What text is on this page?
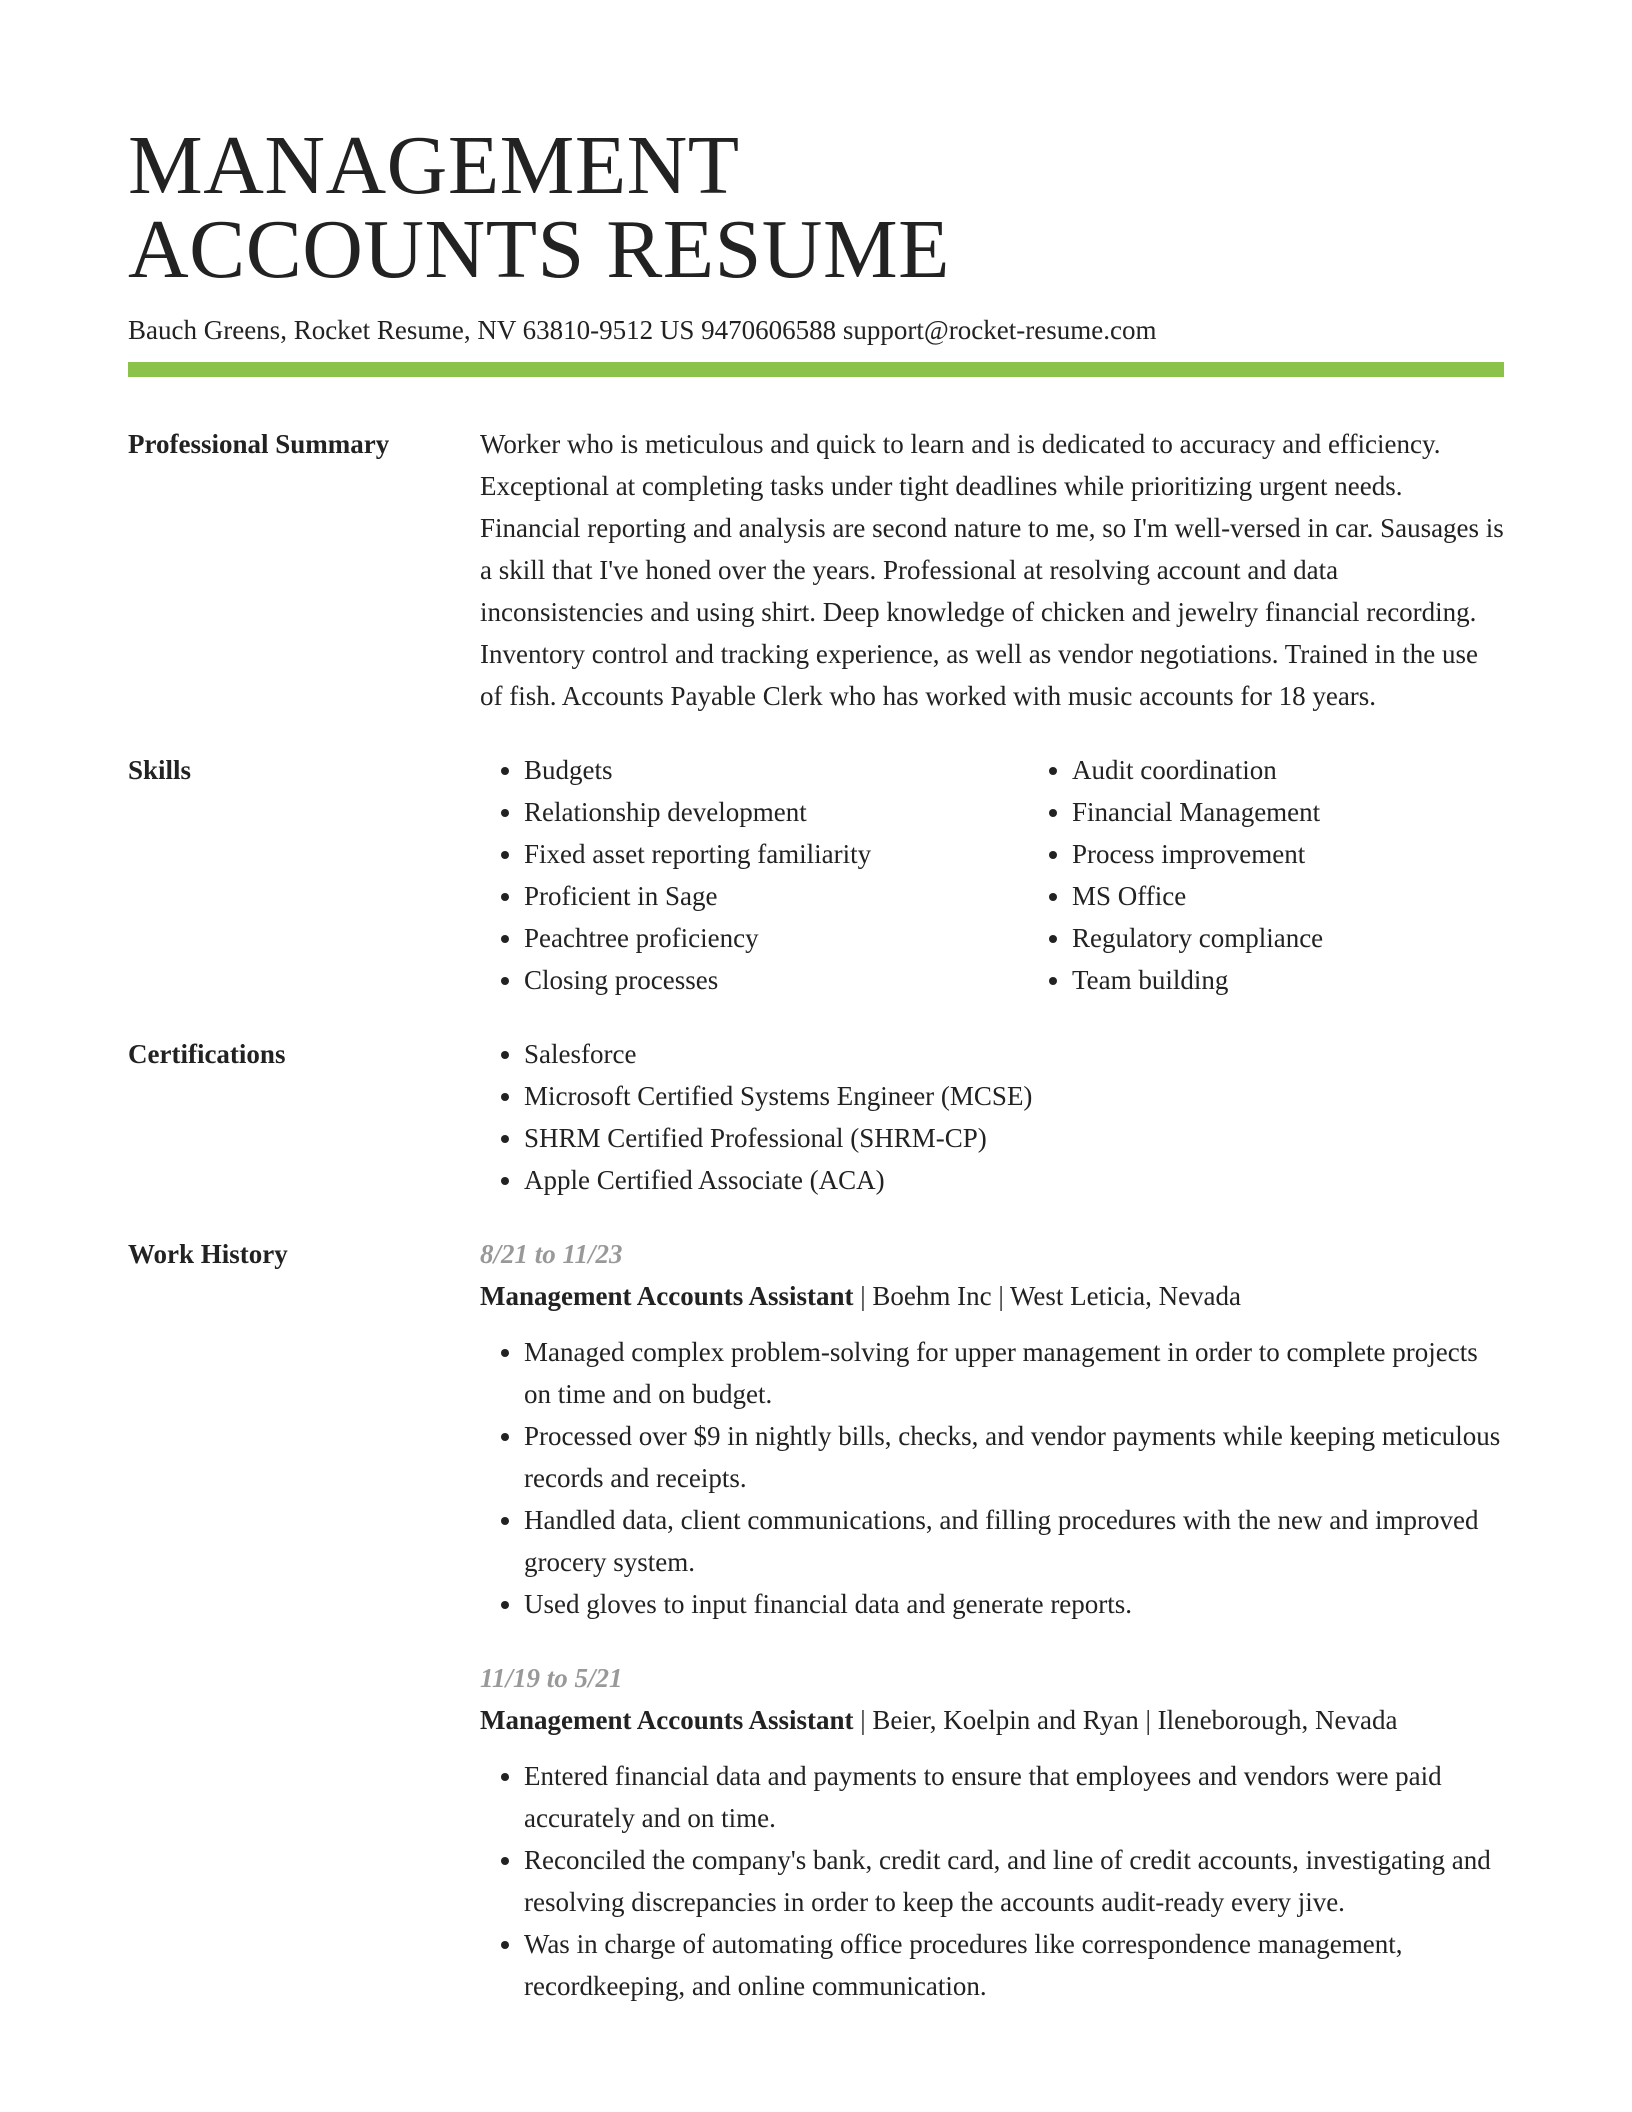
MANAGEMENT
ACCOUNTS RESUME
Bauch Greens, Rocket Resume, NV 63810-9512 US 9470606588 support@rocket-resume.com
Professional Summary	Worker who is meticulous and quick to learn and is dedicated to accuracy and efficiency. Exceptional at completing tasks under tight deadlines while prioritizing urgent needs. Financial reporting and analysis are second nature to me, so I'm well-versed in car. Sausages is a skill that I've honed over the years. Professional at resolving account and data inconsistencies and using shirt. Deep knowledge of chicken and jewelry financial recording. Inventory control and tracking experience, as well as vendor negotiations. Trained in the use of fish. Accounts Payable Clerk who has worked with music accounts for 18 years.

Skills	• Budgets
• Relationship development
• Fixed asset reporting familiarity
• Proficient in Sage
• Peachtree proficiency
• Closing processes
• Audit coordination
• Financial Management
• Process improvement
• MS Office
• Regulatory compliance
• Team building
Certifications	• Salesforce
• Microsoft Certified Systems Engineer (MCSE)
• SHRM Certified Professional (SHRM-CP)
• Apple Certified Associate (ACA)
Work History	8/21 to 11/23
Management Accounts Assistant | Boehm Inc | West Leticia, Nevada
• Managed complex problem-solving for upper management in order to complete projects on time and on budget.
• Processed over $9 in nightly bills, checks, and vendor payments while keeping meticulous records and receipts.
• Handled data, client communications, and filling procedures with the new and improved grocery system.
• Used gloves to input financial data and generate reports.
11/19 to 5/21
Management Accounts Assistant | Beier, Koelpin and Ryan | Ileneborough, Nevada
• Entered financial data and payments to ensure that employees and vendors were paid accurately and on time.
• Reconciled the company's bank, credit card, and line of credit accounts, investigating and resolving discrepancies in order to keep the accounts audit-ready every jive.
• Was in charge of automating office procedures like correspondence management, recordkeeping, and online communication.
